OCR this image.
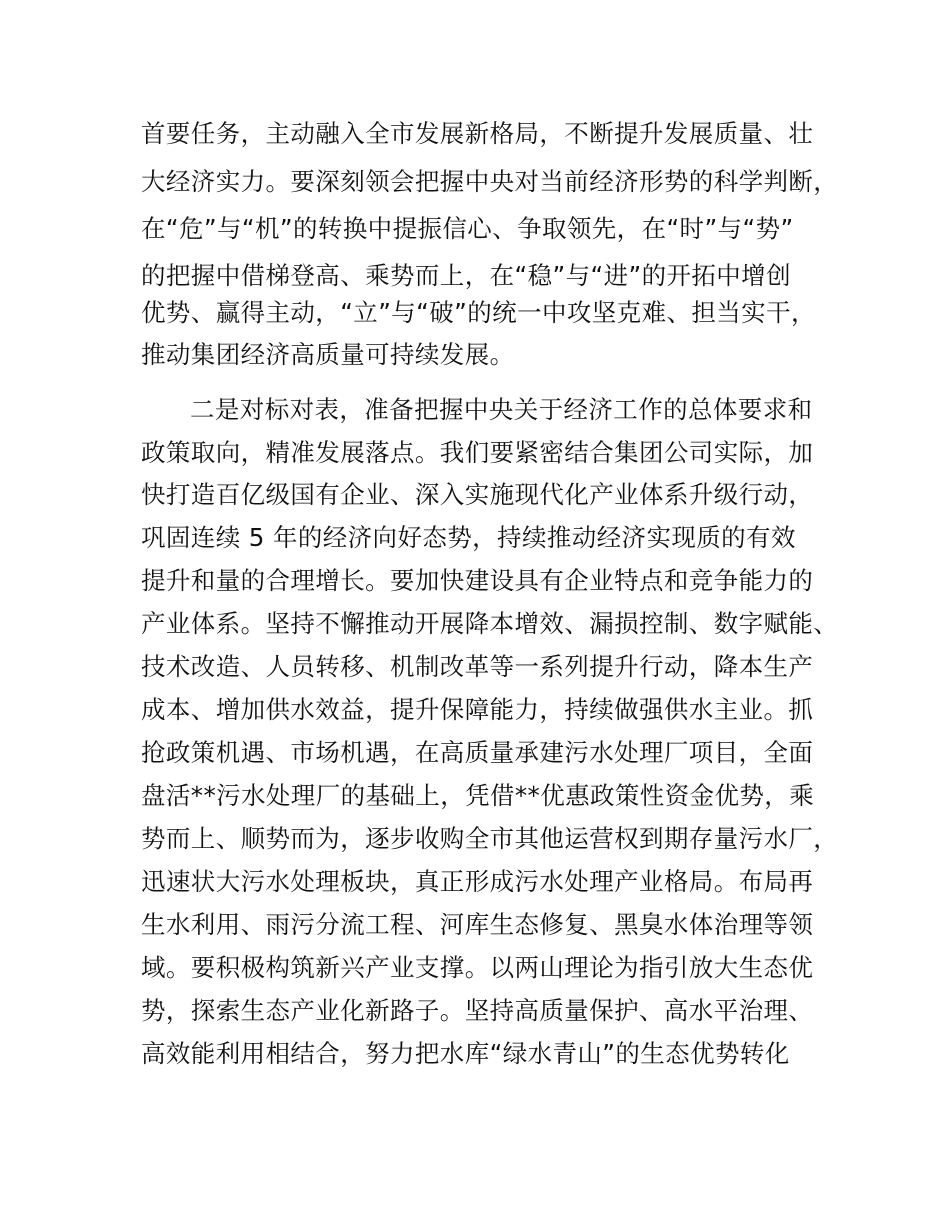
首要任务，主动融入全市发展新格局，不断提升发展质量、壮
大经济实力。要深刻领会把握中央对当前经济形势的科学判断，
在“危”与“机”的转换中提振信心、争取领先，在“时”与“势”
的把握中借梯登高、乘势而上，在“稳”与“进”的开拓中增创
优势、赢得主动，“立”与“破”的统一中攻坚克难、担当实干，
推动集团经济高质量可持续发展。
二是对标对表，准备把握中央关于经济工作的总体要求和
政策取向，精准发展落点。我们要紧密结合集团公司实际，加
快打造百亿级国有企业、深入实施现代化产业体系升级行动，
巩固连续 5 年的经济向好态势，持续推动经济实现质的有效
提升和量的合理增长。要加快建设具有企业特点和竞争能力的
产业体系。坚持不懈推动开展降本增效、漏损控制、数字赋能、
技术改造、人员转移、机制改革等一系列提升行动，降本生产
成本、增加供水效益，提升保障能力，持续做强供水主业。抓
抢政策机遇、市场机遇，在高质量承建污水处理厂项目，全面
盘活**污水处理厂的基础上，凭借**优惠政策性资金优势，乘
势而上、顺势而为，逐步收购全市其他运营权到期存量污水厂，
迅速状大污水处理板块，真正形成污水处理产业格局。布局再
生水利用、雨污分流工程、河库生态修复、黑臭水体治理等领
域。要积极构筑新兴产业支撑。以两山理论为指引放大生态优
势，探索生态产业化新路子。坚持高质量保护、高水平治理、
高效能利用相结合，努力把水库“绿水青山”的生态优势转化
